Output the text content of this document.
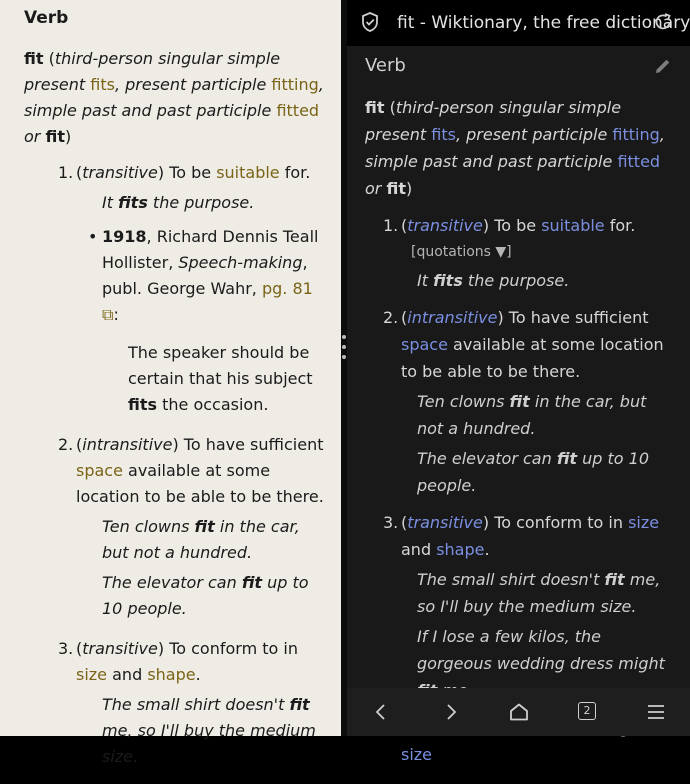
Verb
fit (third-person singular simple present fits, present participle fitting, simple past and past participle fitted or fit)
1. (transitive) To be suitable for.
It fits the purpose.
• 1918, Richard Dennis Teall Hollister, Speech-making, publ. George Wahr, pg. 81 ⧉:
The speaker should be certain that his subject fits the occasion.
2. (intransitive) To have sufficient space available at some location to be able to be there.
Ten clowns fit in the car, but not a hundred.
The elevator can fit up to 10 people.
3. (transitive) To conform to in size and shape.
The small shirt doesn't fit me, so I'll buy the medium size.
fit - Wiktionary, the free dictionary
Verb
fit (third-person singular simple present fits, present participle fitting, simple past and past participle fitted or fit)
1. (transitive) To be suitable for.
[quotations ▼]
It fits the purpose.
2. (intransitive) To have sufficient space available at some location to be able to be there.
Ten clowns fit in the car, but not a hundred.
The elevator can fit up to 10 people.
3. (transitive) To conform to in size and shape.
The small shirt doesn't fit me, so I'll buy the medium size.
If I lose a few kilos, the gorgeous wedding dress might
size
2
